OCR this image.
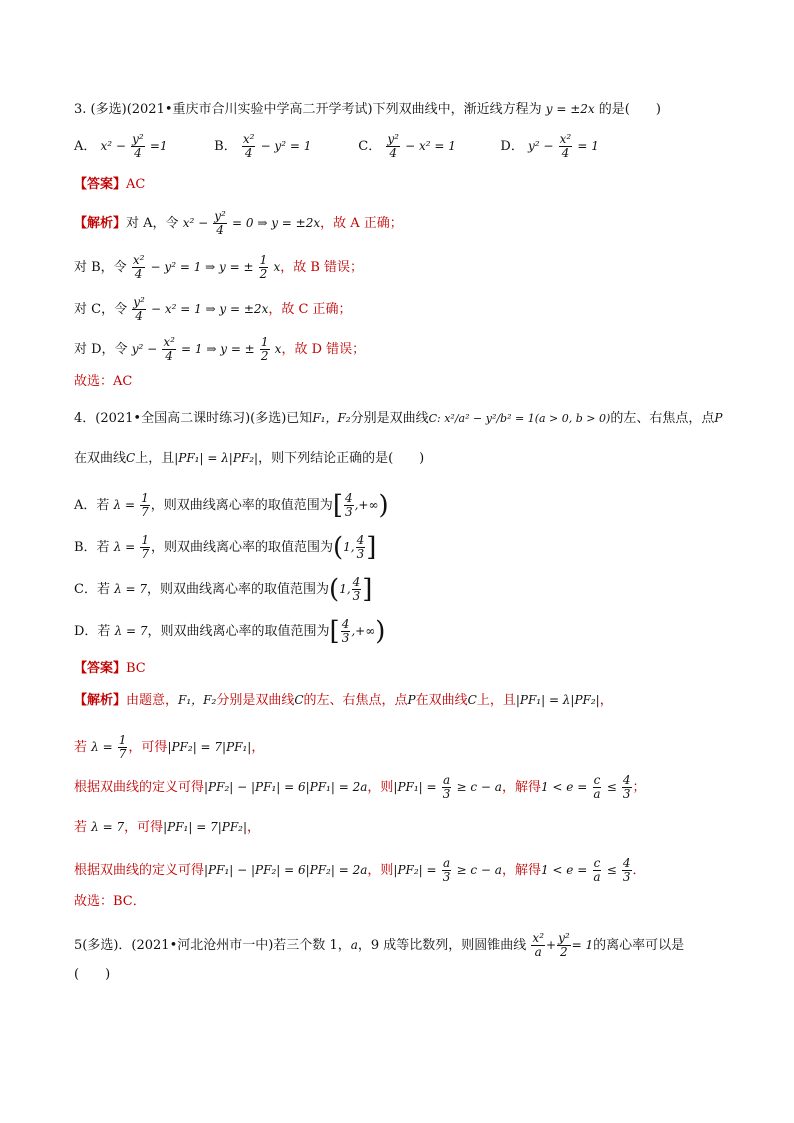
3. (多选)(2021•重庆市合川实验中学高二开学考试)下列双曲线中，渐近线方程为 y = ±2x 的是(　　)
A． $x^2 - \frac{\text{y²}}{4} =1$	B． $\frac{\text{x²}}{4} - y^2 = 1$	C． $\frac{\text{y²}}{4} - x^2 = 1$	D． $y^2 - \frac{\text{x²}}{4} = 1$
【答案】AC
【解析】对 A，令 $x^2 - \frac{\text{y²}}{4} = 0$ ⇒ y = ±2x，故 A 正确；
对 B，令 $\frac{\text{x²}}{4} - y^2 = 1$ ⇒ y = ± $\frac{1}{2}$ x，故 B 错误；
对 C，令 $\frac{\text{y²}}{4} - x^2 = 1$ ⇒ y = ±2x，故 C 正确；
对 D，令 $y^2 - \frac{\text{x²}}{4} = 1$ ⇒ y = ± $\frac{1}{2}$ x，故 D 错误；
故选：AC
4．(2021•全国高二课时练习)(多选)已知F₁，F₂分别是双曲线C: x²/a² − y²/b² = 1(a > 0, b > 0)的左、右焦点，点P
在双曲线C上，且|PF₁| = λ|PF₂|，则下列结论正确的是(　　)
A．若 $\lambda = \frac{1}{7}$ ，则双曲线离心率的取值范围为[ $\frac{4}{3}$ ,+∞)
B．若 $\lambda = \frac{1}{7}$ ，则双曲线离心率的取值范围为(1, $\frac{4}{3}$ ]
C．若 λ = 7，则双曲线离心率的取值范围为(1, $\frac{4}{3}$ ]
D．若 λ = 7，则双曲线离心率的取值范围为[ $\frac{4}{3}$ ,+∞)
【答案】BC
【解析】由题意，F₁，F₂分别是双曲线C的左、右焦点，点P在双曲线C上，且|PF₁| = λ|PF₂|，
若 $\lambda = \frac{1}{7}$ ，可得|PF₂| = 7|PF₁|，
根据双曲线的定义可得|PF₂| − |PF₁| = 6|PF₁| = 2a，则$|PF_1| = \frac{a}{3} \ge c - a$，解得$1 < e = \frac{c}{a} \le \frac{4}{3}$ ；
若 λ = 7，可得|PF₁| = 7|PF₂|，
根据双曲线的定义可得|PF₁| − |PF₂| = 6|PF₂| = 2a，则$|PF_2| = \frac{a}{3} \ge c - a$，解得$1 < e = \frac{c}{a} \le \frac{4}{3}$ ．
故选：BC．
5(多选)．(2021•河北沧州市一中)若三个数 1，a，9 成等比数列，则圆锥曲线 $\frac{\text{x²}}{a} + \frac{\text{y²}}{2} = 1$的离心率可以是
(　　)
